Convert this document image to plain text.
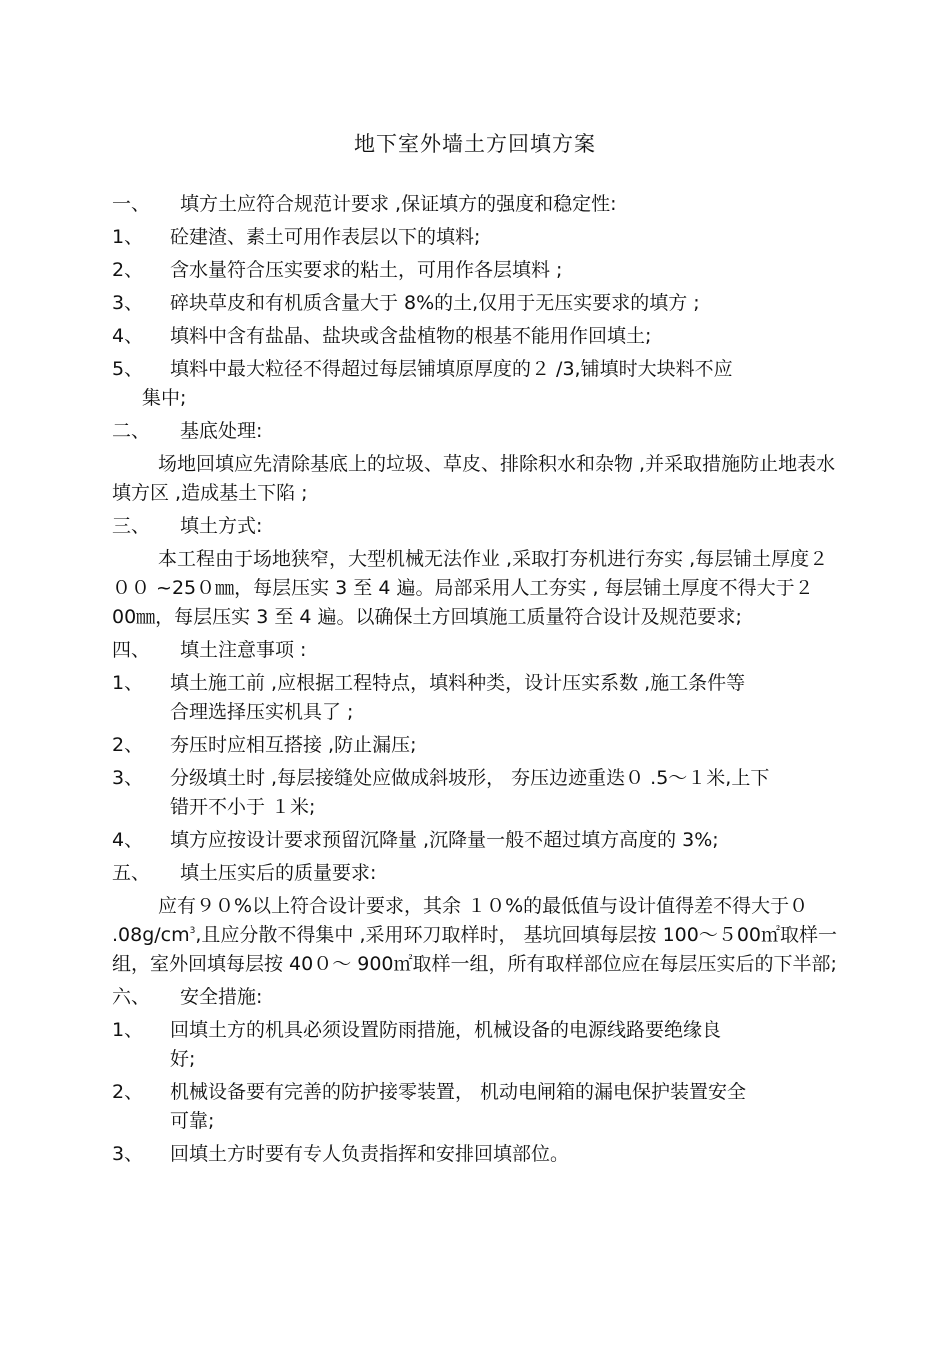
地下室外墙土方回填方案
一、	填方土应符合规范计要求 ,保证填方的强度和稳定性:
1、	砼建渣、素土可用作表层以下的填料;
2、	含水量符合压实要求的粘土，可用作各层填料 ;
3、	碎块草皮和有机质含量大于 8%的土,仅用于无压实要求的填方 ;
4、	填料中含有盐晶、盐块或含盐植物的根基不能用作回填土;
5、	填料中最大粒径不得超过每层铺填原厚度的２ /3,铺填时大块料不应
集中;
二、	基底处理:

场地回填应先清除基底上的垃圾、草皮、排除积水和杂物 ,并采取措施防止地表水填方区 ,造成基土下陷 ;

三、	填土方式:

本工程由于场地狭窄，大型机械无法作业 ,采取打夯机进行夯实 ,每层铺土厚度２００ ~25０㎜，每层压实 3 至 4 遍。局部采用人工夯实 , 每层铺土厚度不得大于２ 00㎜，每层压实 3 至 4 遍。以确保土方回填施工质量符合设计及规范要求;

四、	填土注意事项 :
1、	填土施工前 ,应根据工程特点，填料种类，设计压实系数 ,施工条件等
合理选择压实机具了 ;
2、	夯压时应相互搭接 ,防止漏压;
3、	分级填土时 ,每层接缝处应做成斜坡形， 夯压边迹重迭０ .5～１米,上下
错开不小于 １米;
4、	填方应按设计要求预留沉降量 ,沉降量一般不超过填方高度的 3%;
五、	填土压实后的质量要求:

应有９０%以上符合设计要求，其余 １０%的最低值与设计值得差不得大于０ $.08g/cm^3$,且应分散不得集中 ,采用环刀取样时， 基坑回填每层按 100～５00㎡取样一组，室外回填每层按 40０～ 900㎡取样一组，所有取样部位应在每层压实后的下半部;

六、	安全措施:
1、	回填土方的机具必须设置防雨措施，机械设备的电源线路要绝缘良
好;
2、	机械设备要有完善的防护接零装置， 机动电闸箱的漏电保护装置安全
可靠;
3、	回填土方时要有专人负责指挥和安排回填部位。
